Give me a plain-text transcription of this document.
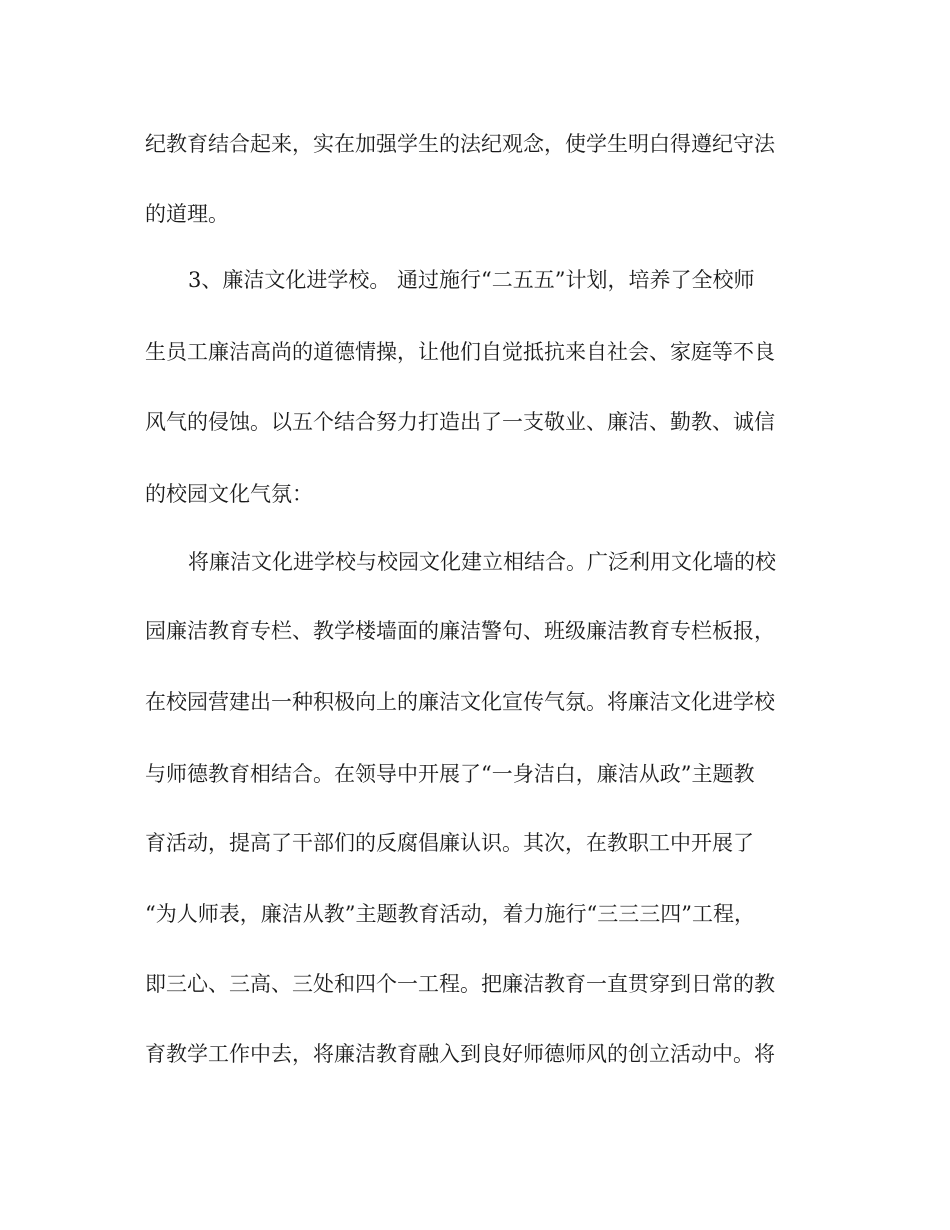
纪教育结合起来，实在加强学生的法纪观念，使学生明白得遵纪守法
的道理。
3、廉洁文化进学校。 通过施行“二五五”计划，培养了全校师
生员工廉洁高尚的道德情操，让他们自觉抵抗来自社会、家庭等不良
风气的侵蚀。以五个结合努力打造出了一支敬业、廉洁、勤教、诚信
的校园文化气氛：
将廉洁文化进学校与校园文化建立相结合。广泛利用文化墙的校
园廉洁教育专栏、教学楼墙面的廉洁警句、班级廉洁教育专栏板报，
在校园营建出一种积极向上的廉洁文化宣传气氛。将廉洁文化进学校
与师德教育相结合。在领导中开展了“一身洁白，廉洁从政”主题教
育活动，提高了干部们的反腐倡廉认识。其次，在教职工中开展了
“为人师表，廉洁从教”主题教育活动，着力施行“三三三四”工程，
即三心、三高、三处和四个一工程。把廉洁教育一直贯穿到日常的教
育教学工作中去，将廉洁教育融入到良好师德师风的创立活动中。将
